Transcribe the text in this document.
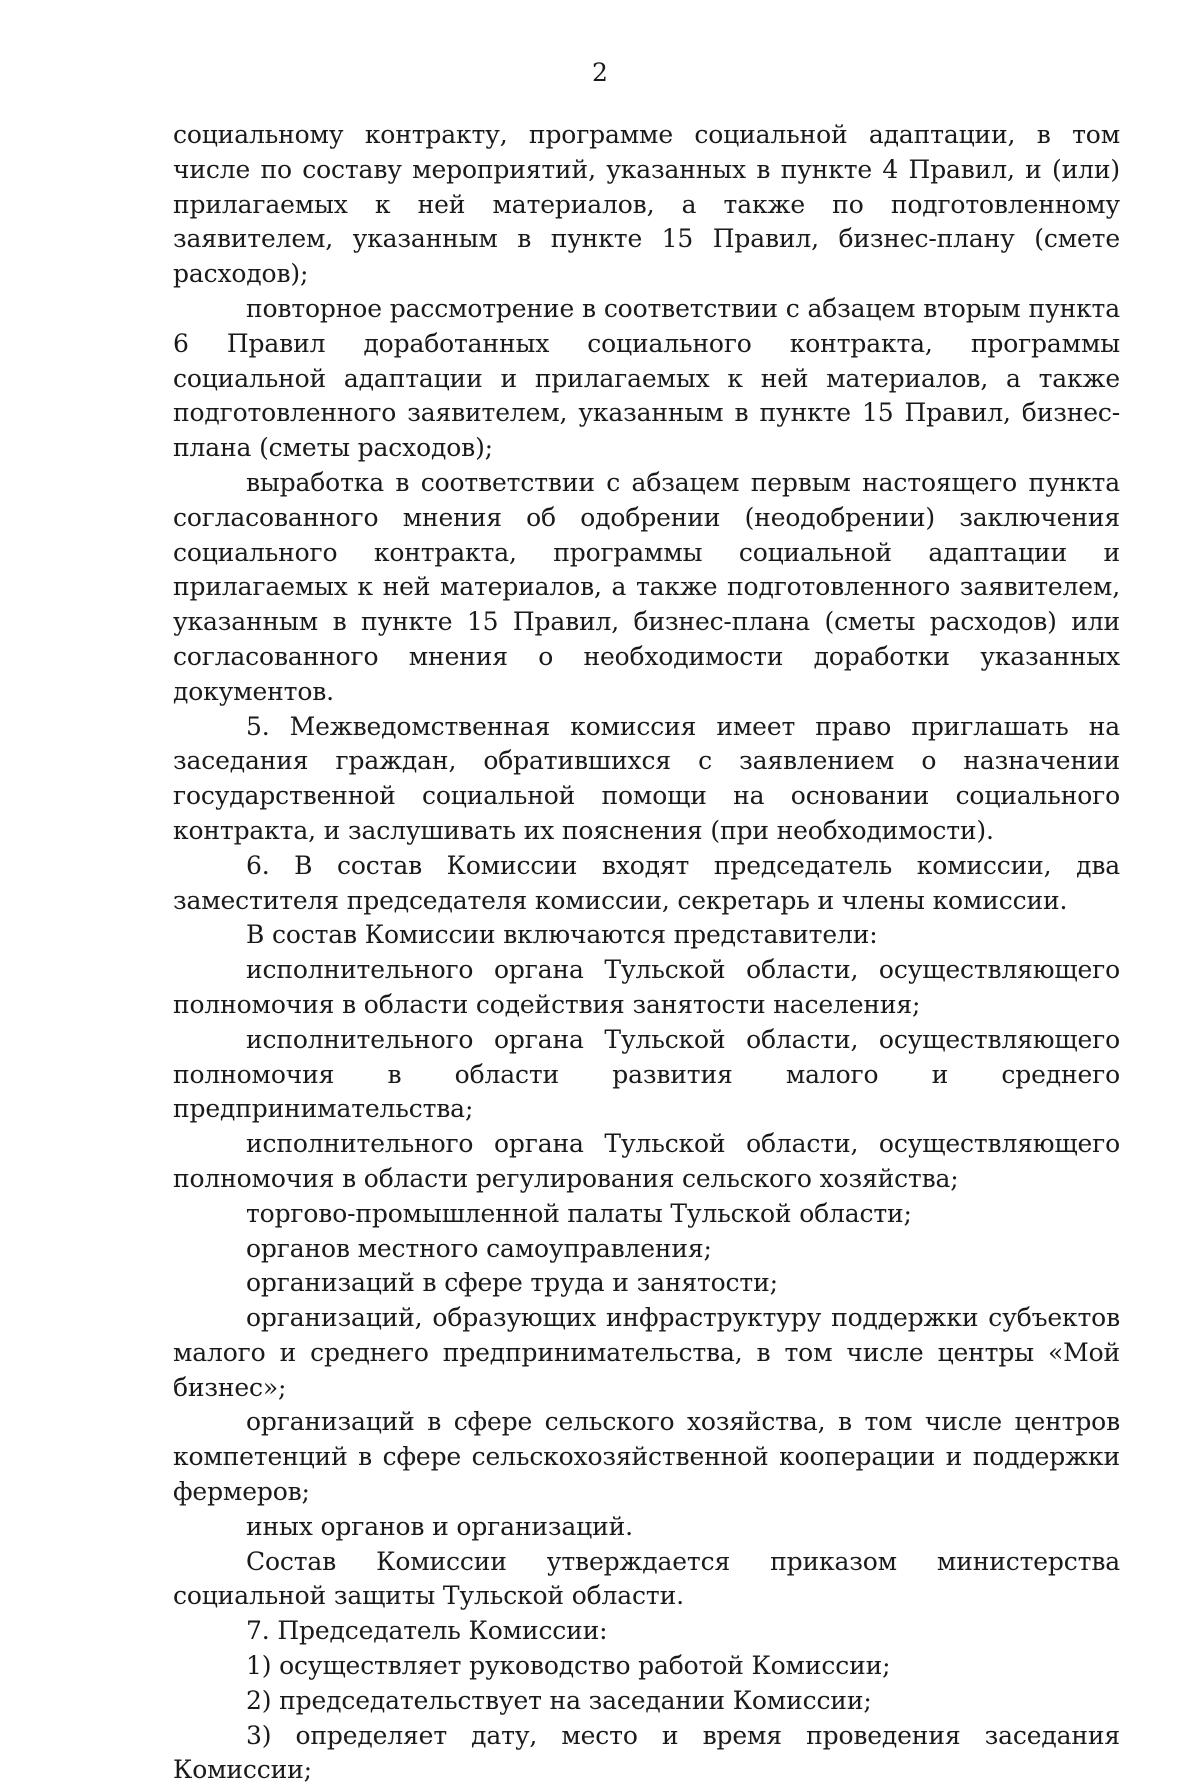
2

социальному контракту, программе социальной адаптации, в том числе по составу мероприятий, указанных в пункте 4 Правил, и (или) прилагаемых к ней материалов, а также по подготовленному заявителем, указанным в пункте 15 Правил, бизнес-плану (смете расходов);

повторное рассмотрение в соответствии с абзацем вторым пункта 6 Правил доработанных социального контракта, программы социальной адаптации и прилагаемых к ней материалов, а также подготовленного заявителем, указанным в пункте 15 Правил, бизнес-плана (сметы расходов);

выработка в соответствии с абзацем первым настоящего пункта согласованного мнения об одобрении (неодобрении) заключения социального контракта, программы социальной адаптации и прилагаемых к ней материалов, а также подготовленного заявителем, указанным в пункте 15 Правил, бизнес-плана (сметы расходов) или согласованного мнения о необходимости доработки указанных документов.

5. Межведомственная комиссия имеет право приглашать на заседания граждан, обратившихся с заявлением о назначении государственной социальной помощи на основании социального контракта, и заслушивать их пояснения (при необходимости).

6. В состав Комиссии входят председатель комиссии, два заместителя председателя комиссии, секретарь и члены комиссии.

В состав Комиссии включаются представители:

исполнительного органа Тульской области, осуществляющего полномочия в области содействия занятости населения;

исполнительного органа Тульской области, осуществляющего полномочия в области развития малого и среднего предпринимательства;

исполнительного органа Тульской области, осуществляющего полномочия в области регулирования сельского хозяйства;

торгово-промышленной палаты Тульской области;

органов местного самоуправления;

организаций в сфере труда и занятости;

организаций, образующих инфраструктуру поддержки субъектов малого и среднего предпринимательства, в том числе центры «Мой бизнес»;

организаций в сфере сельского хозяйства, в том числе центров компетенций в сфере сельскохозяйственной кооперации и поддержки фермеров;

иных органов и организаций.

Состав Комиссии утверждается приказом министерства социальной защиты Тульской области.

7. Председатель Комиссии:

1) осуществляет руководство работой Комиссии;

2) председательствует на заседании Комиссии;

3) определяет дату, место и время проведения заседания Комиссии;
